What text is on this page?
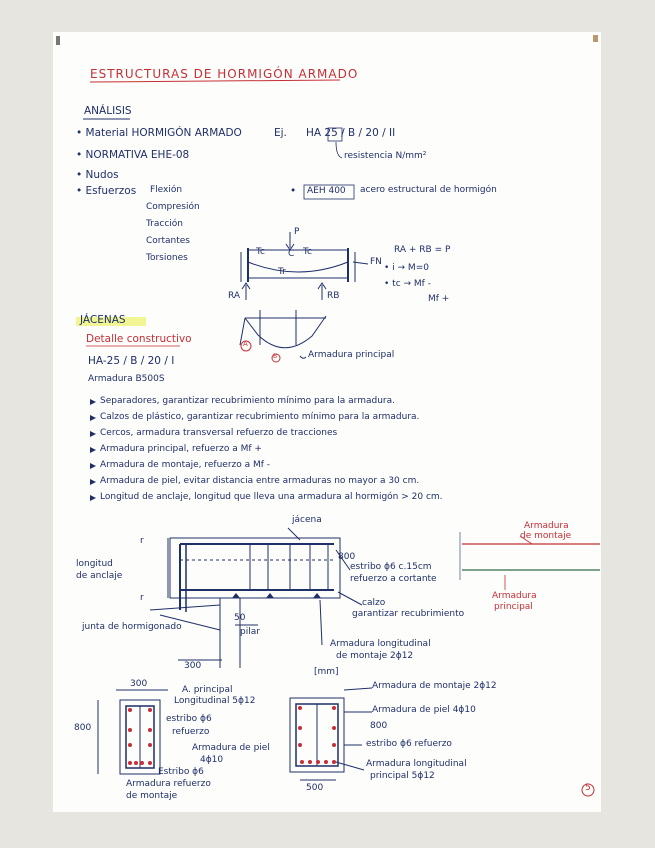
ESTRUCTURAS DE HORMIGÓN ARMADO
ANÁLISIS
• Material HORMIGÓN ARMADO
• NORMATIVA EHE-08
• Nudos
• Esfuerzos Flexión
Compresión
Tracción
Cortantes
Torsiones
Ej. HA 25 / B / 20 / II
resistencia N/mm²
• AEH 400 acero estructural de hormigón
P
Tc	C Tc
Tr
FN
RA	RB
RA + RB = P
• i → M=0
• tc → Mf -
Mf +
A
B	Armadura principal
JÁCENAS
Detalle constructivo
HA-25 / B / 20 / I
Armadura B500S
Separadores, garantizar recubrimiento mínimo para la armadura.
Calzos de plástico, garantizar recubrimiento mínimo para la armadura.
Cercos, armadura transversal refuerzo de tracciones
Armadura principal, refuerzo a Mf +
Armadura de montaje, refuerzo a Mf -
Armadura de piel, evitar distancia entre armaduras no mayor a 30 cm.
Longitud de anclaje, longitud que lleva una armadura al hormigón > 20 cm.
jácena
r
r
longitud
de anclaje
800
estribo ϕ6 c.15cm
refuerzo a cortante
calzo
garantizar recubrimiento
junta de hormigonado
50
pilar
300
Armadura longitudinal
de montaje 2ϕ12
[mm]
Armadura
de montaje
Armadura
principal
300
800
A. principal
Longitudinal 5ϕ12
estribo ϕ6
refuerzo
Armadura de piel
4ϕ10
Estribo ϕ6
Armadura refuerzo
de montaje
Armadura de montaje 2ϕ12
Armadura de piel 4ϕ10
800
estribo ϕ6 refuerzo
Armadura longitudinal
principal 5ϕ12
500	5
